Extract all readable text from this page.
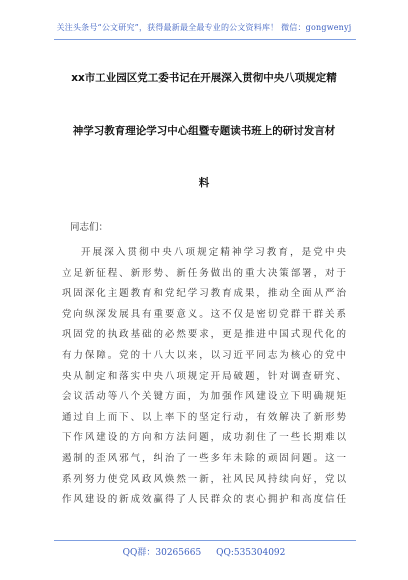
关注头条号“公文研究”，获得最新最全最专业的公文资料库！ 微信：gongwenyj
xx市工业园区党工委书记在开展深入贯彻中央八项规定精
神学习教育理论学习中心组暨专题读书班上的研讨发言材
料
同志们：
开展深入贯彻中央八项规定精神学习教育，是党中央
立足新征程、新形势、新任务做出的重大决策部署，对于
巩固深化主题教育和党纪学习教育成果，推动全面从严治
党向纵深发展具有重要意义。这不仅是密切党群干群关系
巩固党的执政基础的必然要求，更是推进中国式现代化的
有力保障。党的十八大以来，以习近平同志为核心的党中
央从制定和落实中央八项规定开局破题，针对调查研究、
会议活动等八个关键方面，为加强作风建设立下明确规矩
通过自上而下、以上率下的坚定行动，有效解决了新形势
下作风建设的方向和方法问题，成功刹住了一些长期难以
遏制的歪风邪气，纠治了一些多年未除的顽固问题。这一
系列努力使党风政风焕然一新，社风民风持续向好，党以
作风建设的新成效赢得了人民群众的衷心拥护和高度信任
QQ群：30265665 QQ:535304092
